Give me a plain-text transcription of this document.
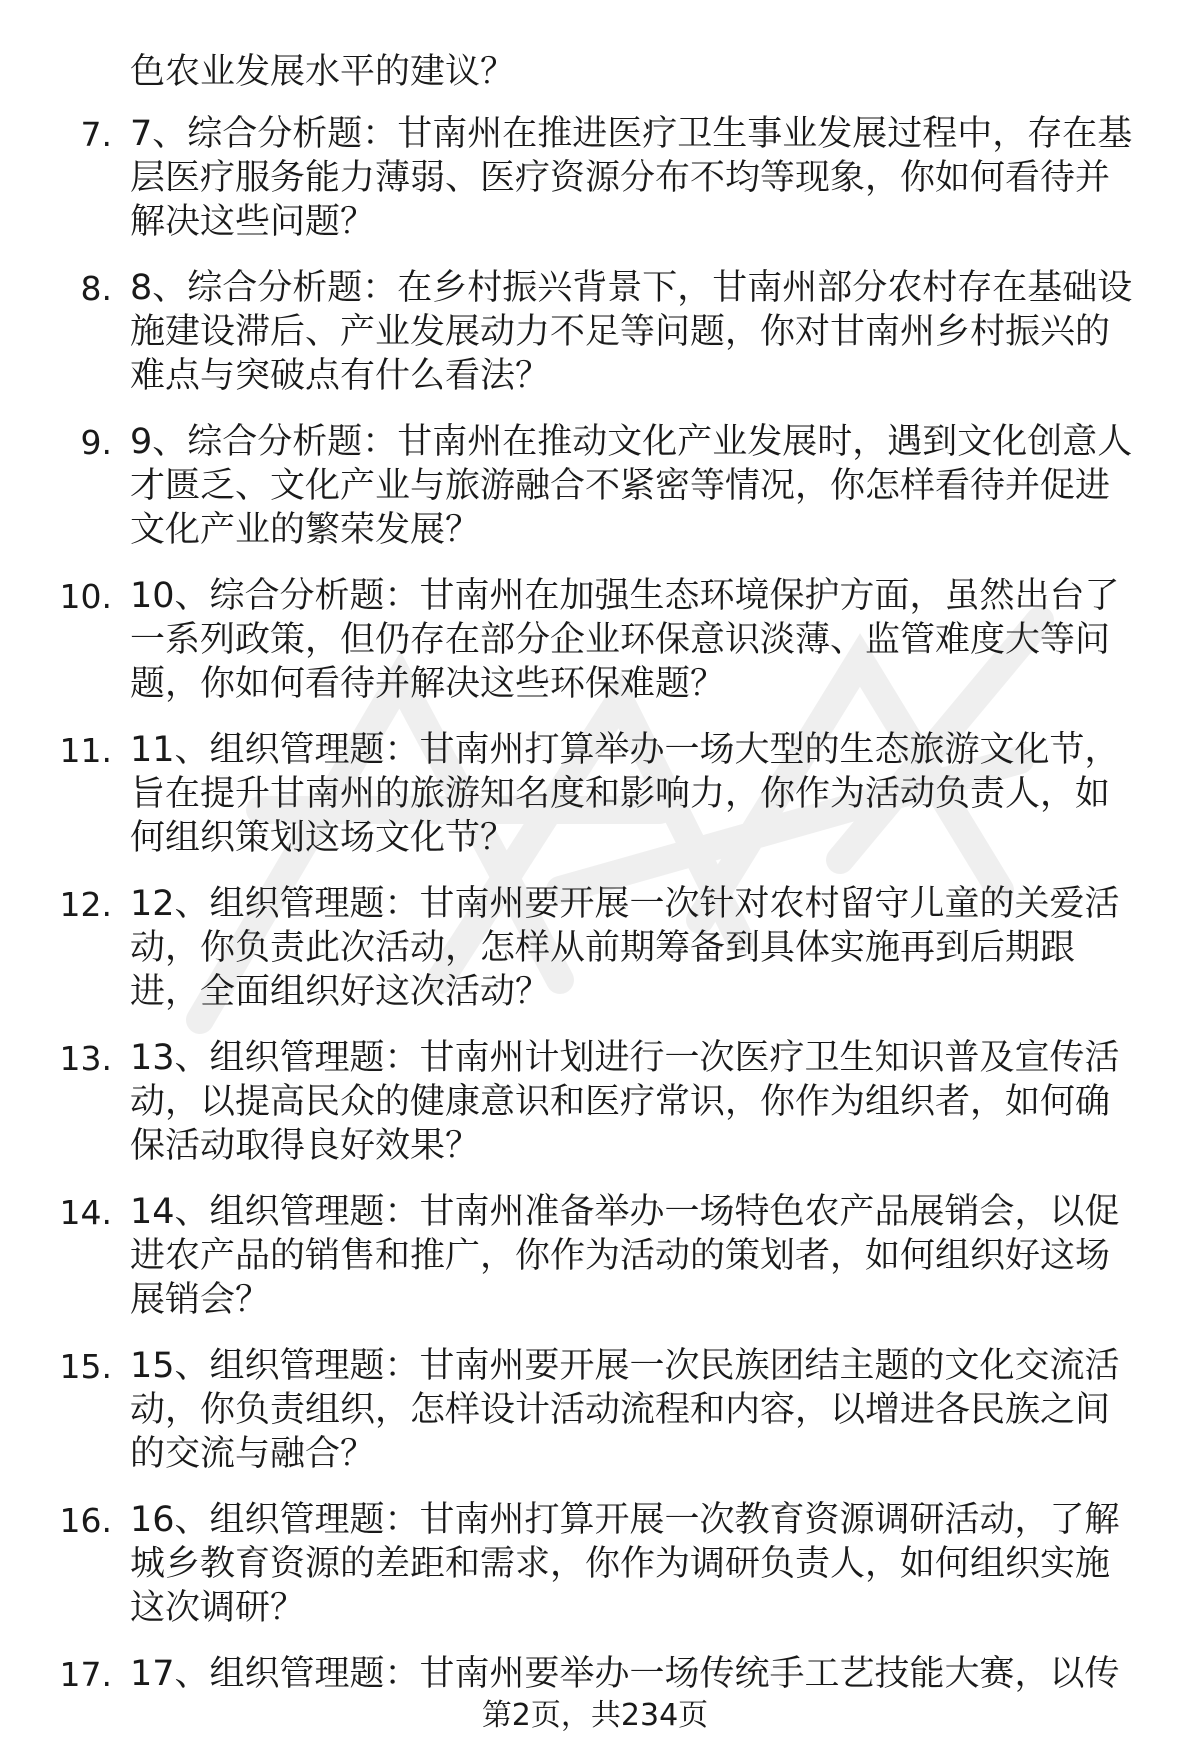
色农业发展水平的建议？
7. 7、综合分析题：甘南州在推进医疗卫生事业发展过程中，存在基
层医疗服务能力薄弱、医疗资源分布不均等现象，你如何看待并
解决这些问题？
8. 8、综合分析题：在乡村振兴背景下，甘南州部分农村存在基础设
施建设滞后、产业发展动力不足等问题，你对甘南州乡村振兴的
难点与突破点有什么看法？
9. 9、综合分析题：甘南州在推动文化产业发展时，遇到文化创意人
才匮乏、文化产业与旅游融合不紧密等情况，你怎样看待并促进
文化产业的繁荣发展？
10. 10、综合分析题：甘南州在加强生态环境保护方面，虽然出台了
一系列政策，但仍存在部分企业环保意识淡薄、监管难度大等问
题，你如何看待并解决这些环保难题？
11. 11、组织管理题：甘南州打算举办一场大型的生态旅游文化节，
旨在提升甘南州的旅游知名度和影响力，你作为活动负责人，如
何组织策划这场文化节？
12. 12、组织管理题：甘南州要开展一次针对农村留守儿童的关爱活
动，你负责此次活动，怎样从前期筹备到具体实施再到后期跟
进，全面组织好这次活动？
13. 13、组织管理题：甘南州计划进行一次医疗卫生知识普及宣传活
动，以提高民众的健康意识和医疗常识，你作为组织者，如何确
保活动取得良好效果？
14. 14、组织管理题：甘南州准备举办一场特色农产品展销会，以促
进农产品的销售和推广，你作为活动的策划者，如何组织好这场
展销会？
15. 15、组织管理题：甘南州要开展一次民族团结主题的文化交流活
动，你负责组织，怎样设计活动流程和内容，以增进各民族之间
的交流与融合？
16. 16、组织管理题：甘南州打算开展一次教育资源调研活动，了解
城乡教育资源的差距和需求，你作为调研负责人，如何组织实施
这次调研？
17. 17、组织管理题：甘南州要举办一场传统手工艺技能大赛，以传
第2页，共234页
